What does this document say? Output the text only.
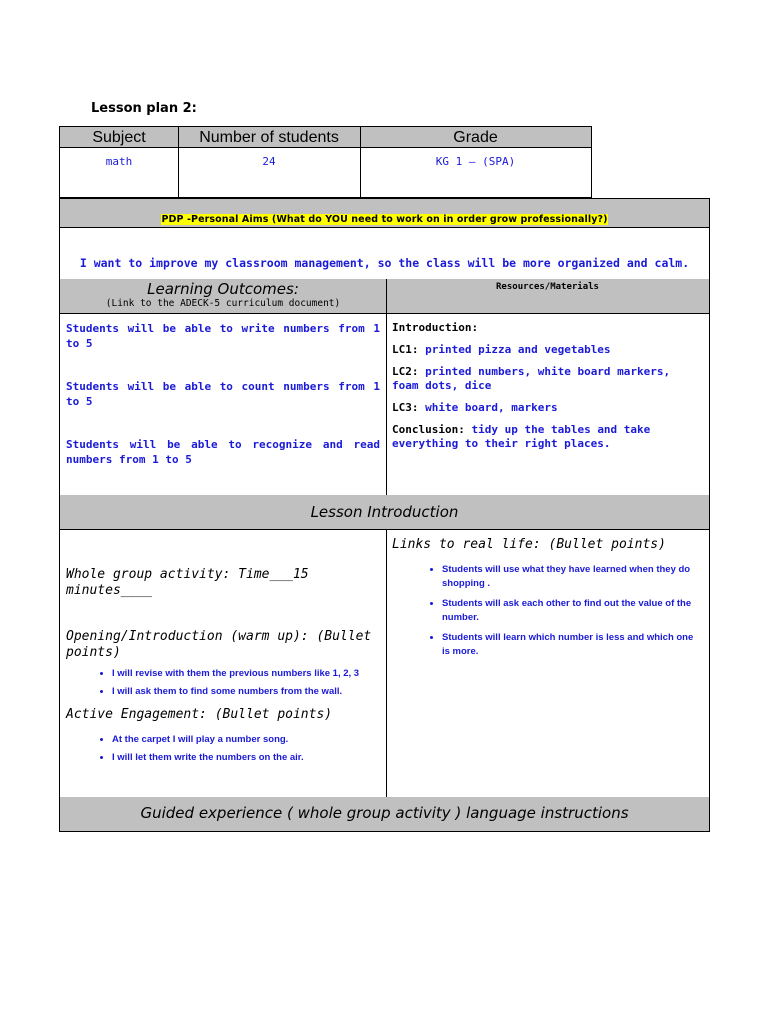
Lesson plan 2:
Subject	Number of students	Grade
math	24	KG 1 – (SPA)
PDP -Personal Aims (What do YOU need to work on in order grow professionally?)
I want to improve my classroom management, so the class will be more organized and calm.
Learning Outcomes:
(Link to the ADECK-5 curriculum document)
Resources/Materials

Students will be able to write numbers from 1 to 5

Students will be able to count numbers from 1 to 5

Students will be able to recognize and read numbers from 1 to 5

Introduction:

LC1: printed pizza and vegetables

LC2: printed numbers, white board markers, foam dots, dice

LC3: white board, markers

Conclusion: tidy up the tables and take everything to their right places.

Lesson Introduction

Whole group activity: Time___15 minutes____

Opening/Introduction (warm up): (Bullet points)

• I will revise with them the previous numbers like 1, 2, 3
• I will ask them to find some numbers from the wall.

Active Engagement: (Bullet points)

• At the carpet I will play a number song.
• I will let them write the numbers on the air.

Links to real life: (Bullet points)

• Students will use what they have learned when they do shopping .
• Students will ask each other to find out the value of the number.
• Students will learn which number is less and which one is more.
Guided experience ( whole group activity ) language instructions
